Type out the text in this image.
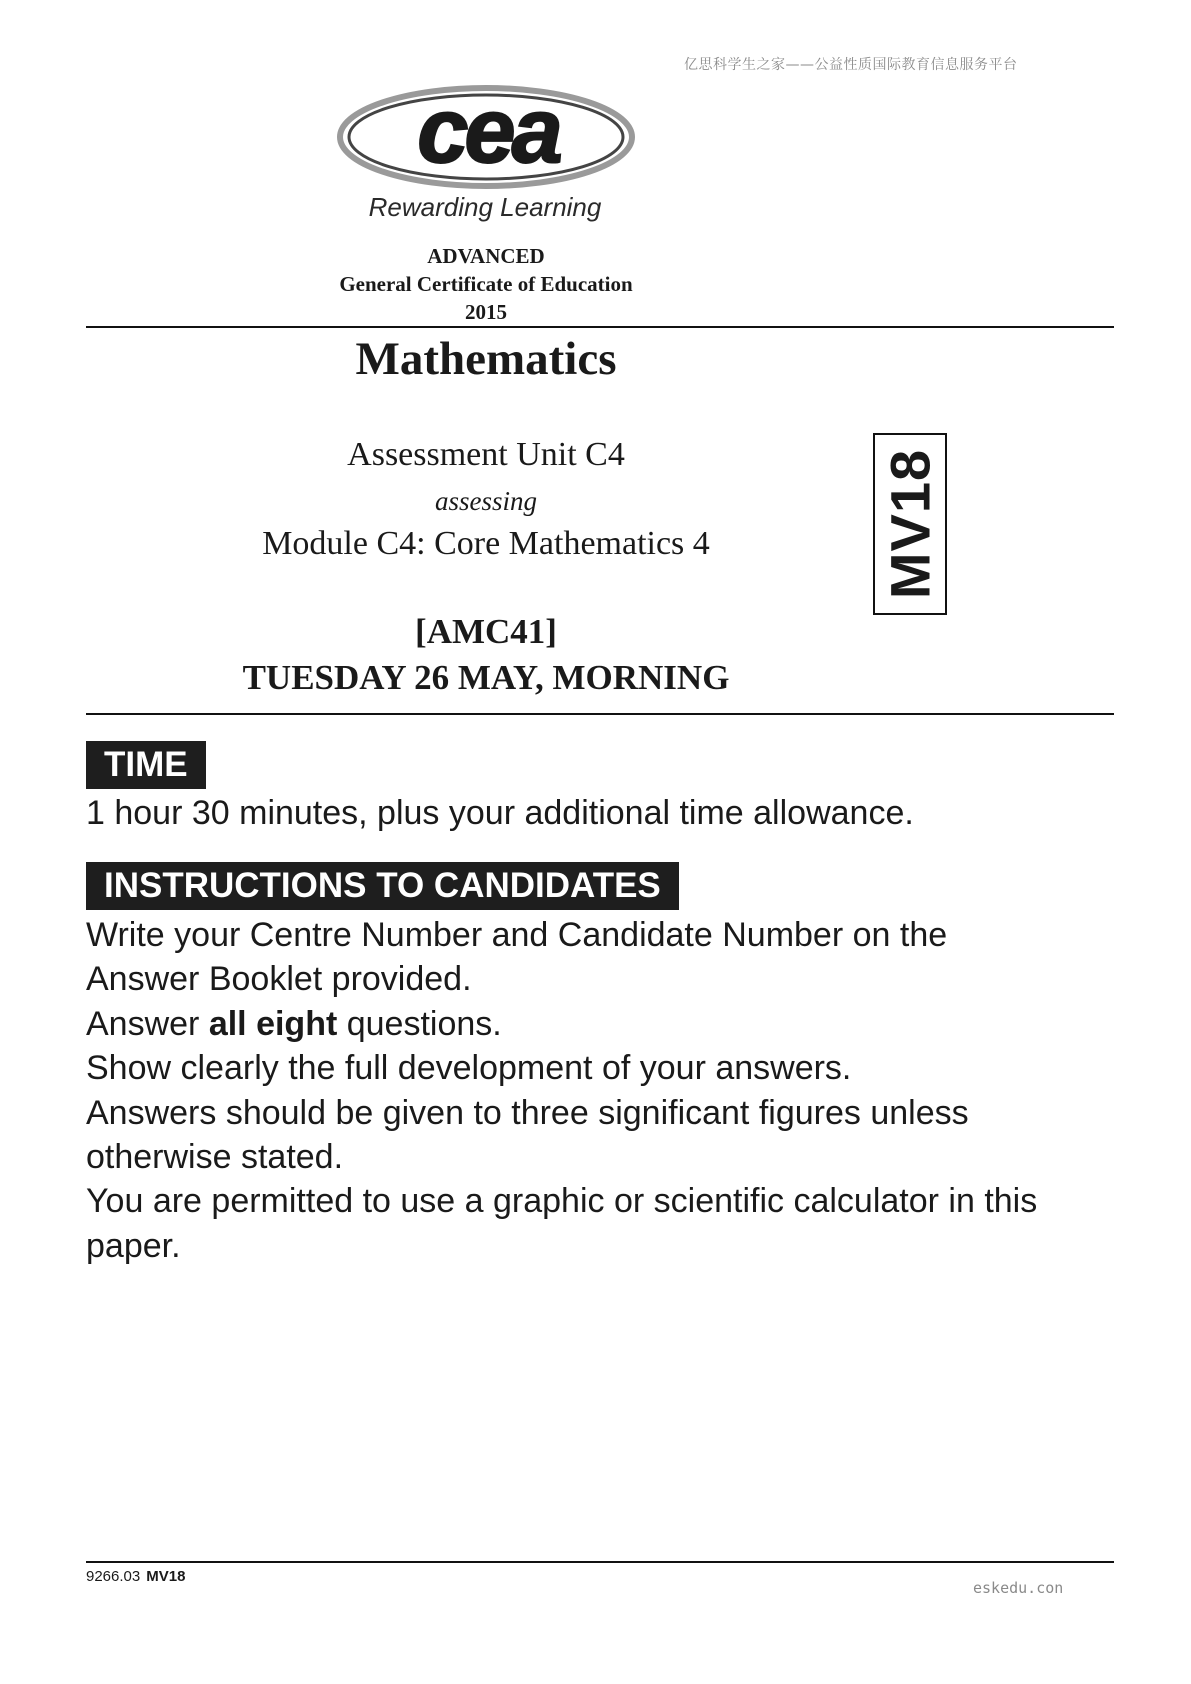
亿思科学生之家——公益性质国际教育信息服务平台
cea
Rewarding Learning
ADVANCED
General Certificate of Education
2015
Mathematics
Assessment Unit C4
assessing
Module C4: Core Mathematics 4	MV18
[AMC41]
TUESDAY 26 MAY, MORNING
TIME
1 hour 30 minutes, plus your additional time allowance.
INSTRUCTIONS TO CANDIDATES

Write your Centre Number and Candidate Number on the

Answer Booklet provided.

Answer all eight questions.

Show clearly the full development of your answers.

Answers should be given to three significant figures unless

otherwise stated.

You are permitted to use a graphic or scientific calculator in this

paper.

9266.03 MV18
eskedu.con
